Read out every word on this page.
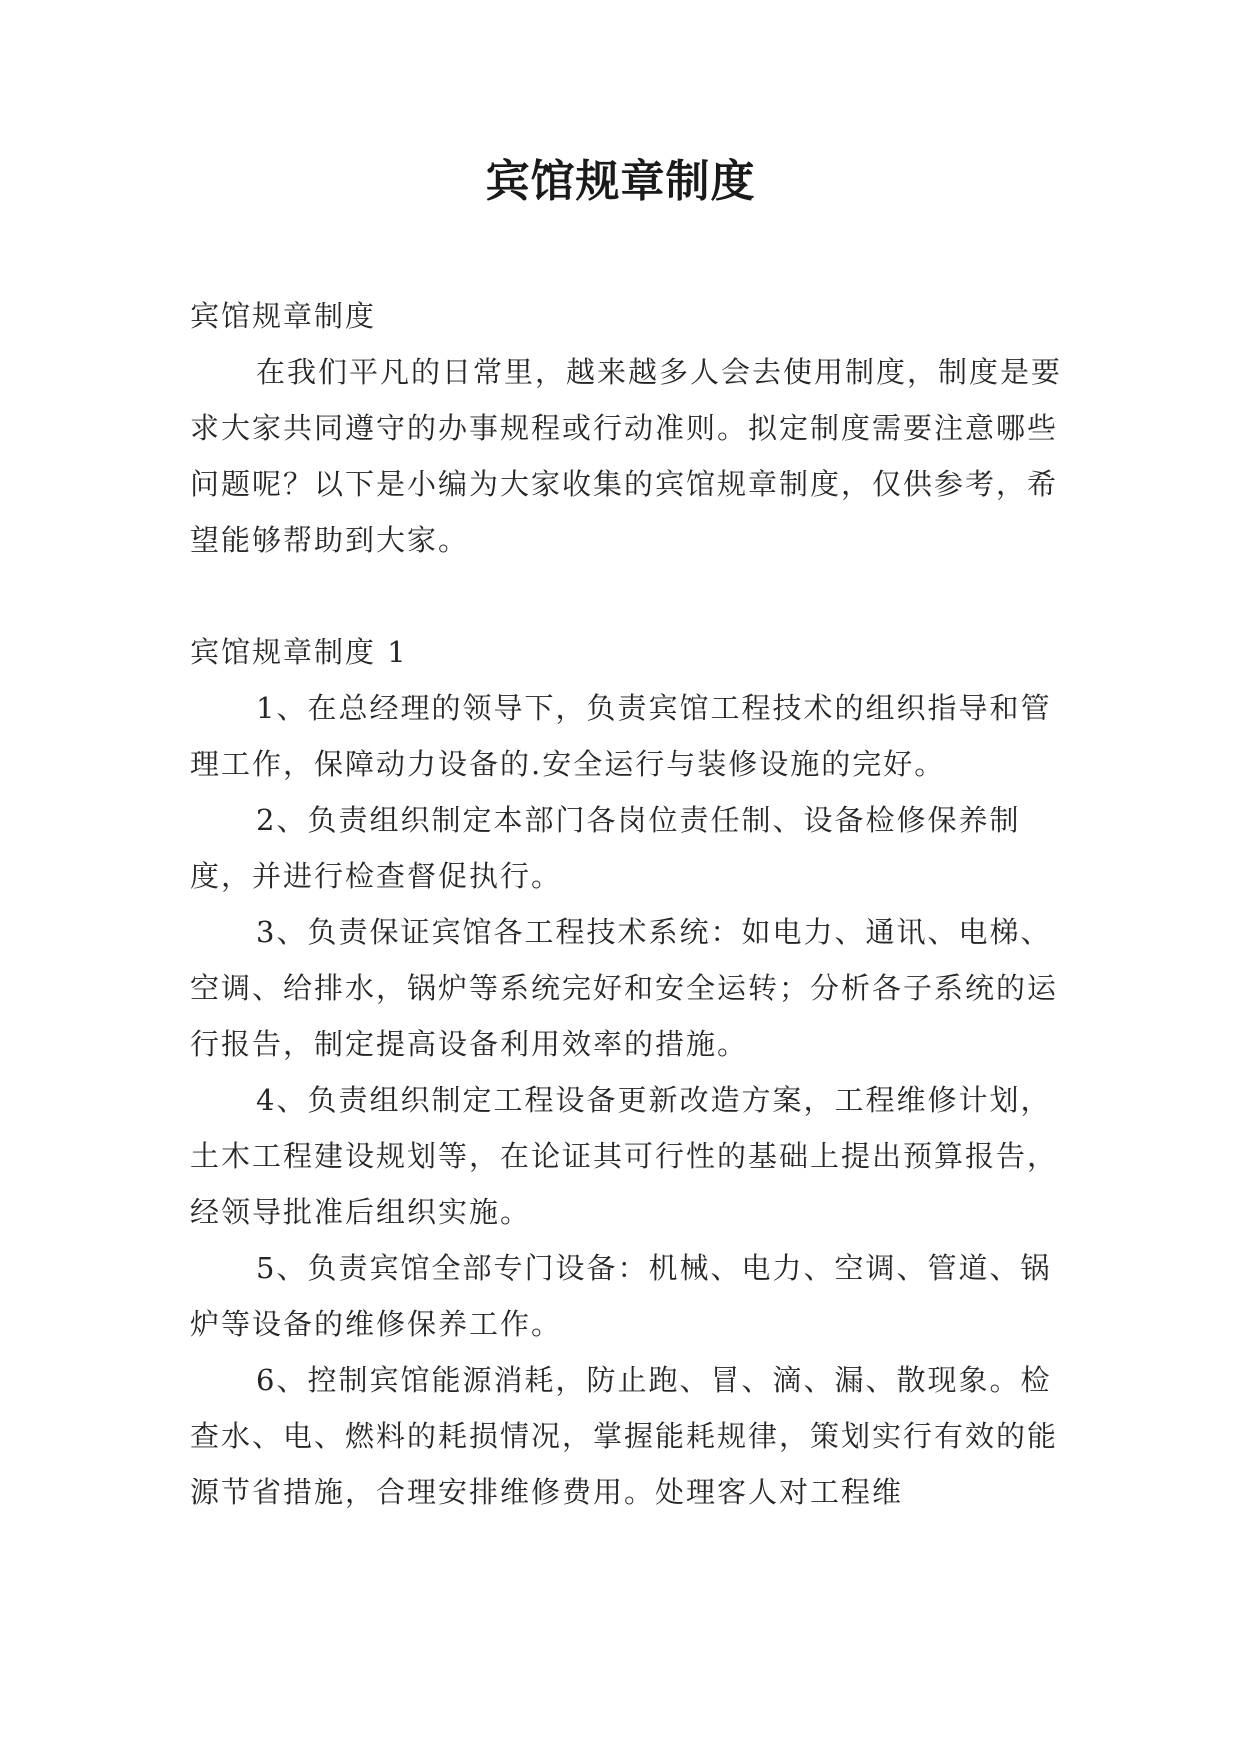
宾馆规章制度

宾馆规章制度

在我们平凡的日常里，越来越多人会去使用制度，制度是要求大家共同遵守的办事规程或行动准则。拟定制度需要注意哪些问题呢？以下是小编为大家收集的宾馆规章制度，仅供参考，希望能够帮助到大家。

宾馆规章制度 1

1、在总经理的领导下，负责宾馆工程技术的组织指导和管理工作，保障动力设备的.安全运行与装修设施的完好。

2、负责组织制定本部门各岗位责任制、设备检修保养制度，并进行检查督促执行。

3、负责保证宾馆各工程技术系统：如电力、通讯、电梯、空调、给排水，锅炉等系统完好和安全运转；分析各子系统的运行报告，制定提高设备利用效率的措施。

4、负责组织制定工程设备更新改造方案，工程维修计划，土木工程建设规划等，在论证其可行性的基础上提出预算报告，经领导批准后组织实施。

5、负责宾馆全部专门设备：机械、电力、空调、管道、锅炉等设备的维修保养工作。

6、控制宾馆能源消耗，防止跑、冒、滴、漏、散现象。检查水、电、燃料的耗损情况，掌握能耗规律，策划实行有效的能源节省措施，合理安排维修费用。处理客人对工程维
